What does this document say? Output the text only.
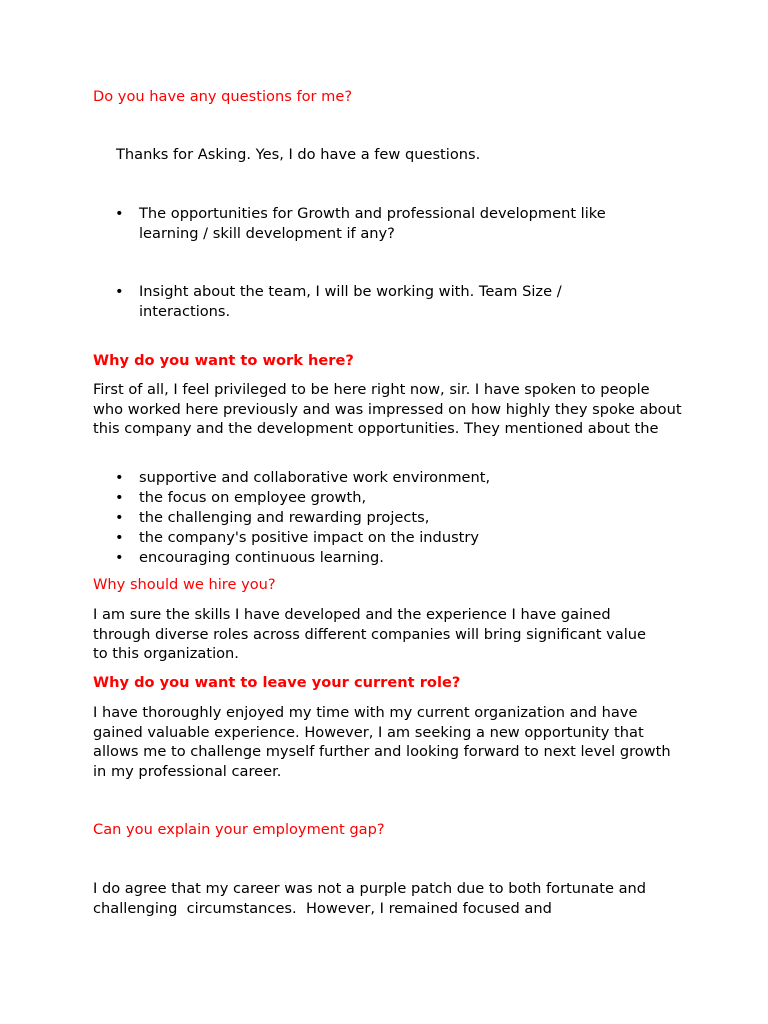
Do you have any questions for me?

Thanks for Asking. Yes, I do have a few questions.

• The opportunities for Growth and professional development like learning / skill development if any?
• Insight about the team, I will be working with. Team Size / interactions.

Why do you want to work here?

First of all, I feel privileged to be here right now, sir. I have spoken to people who worked here previously and was impressed on how highly they spoke about this company and the development opportunities. They mentioned about the

• supportive and collaborative work environment,
• the focus on employee growth,
• the challenging and rewarding projects,
• the company's positive impact on the industry
• encouraging continuous learning.

Why should we hire you?

I am sure the skills I have developed and the experience I have gained through diverse roles across different companies will bring significant value to this organization.

Why do you want to leave your current role?

I have thoroughly enjoyed my time with my current organization and have gained valuable experience. However, I am seeking a new opportunity that allows me to challenge myself further and looking forward to next level growth in my professional career.

Can you explain your employment gap?

I do agree that my career was not a purple patch due to both fortunate and challenging  circumstances.  However, I remained focused and
